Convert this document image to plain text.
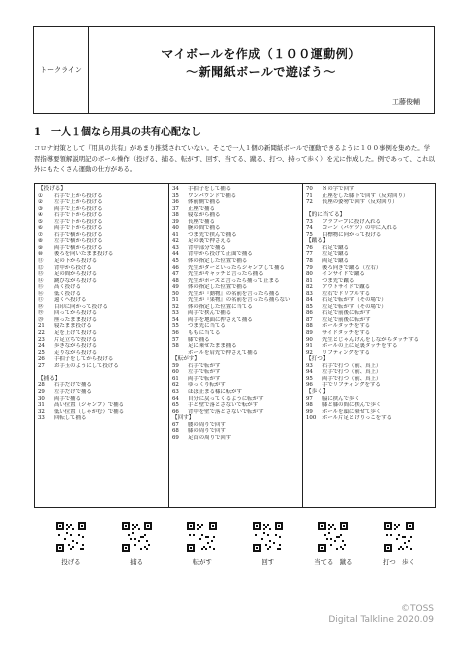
トークライン
マイボールを作成（１００運動例）
～新聞紙ボールで遊ぼう～
工藤俊輔
1　一人１個なら用具の共有心配なし
コロナ対策として『用具の共有』があまり推奨されていない。そこで一人１個の新聞紙ボールで運動できるように１００事例を集めた。学習指導要領解説明記のボール操作（投げる、捕る、転がす、回す、当てる、蹴る、打つ、持って歩く）を元に作成した。例であって、これ以外にもたくさん運動の仕方がある。
【投げる】
① 右手で上から投げる
② 左手で上から投げる
③ 両手で上から投げる
④ 右手で下から投げる
⑤ 左手で下から投げる
⑥ 両手で下から投げる
⑦ 右手で横から投げる
⑧ 左手で横から投げる
⑨ 両手で横から投げる
⑩ 後ろを向いたまま投げる
⑪ 足の下から投げる
⑫ 背中から投げる
⑬ 足の間から投げる
⑭ 跳びながら投げる
⑮ 高く投げる
⑯ 低く投げる
⑰ 遠くへ投げる
⑱ 目印に向かって投げる
⑲ 回ってから投げる
⑳ 座ったまま投げる
21 寝たまま投げる
22 足を上げて投げる
23 片足立ちで投げる
24 歩きながら投げる
25 走りながら投げる
26 手拍子をしてから投げる
27 お手玉のようにして投げる
【捕る】
28 右手だけで捕る
29 左手だけで捕る
30 両手で捕る
31 高い位置（ジャンプ）で捕る
32 低い位置（しゃがむ）で捕る
33 回転して捕る
34 手拍子をして捕る
35 ワンバウンドで捕る
36 体前側で捕る
37 正座で捕る
38 寝ながら捕る
39 長座で捕る
40 腕の間で捕る
41 つま先で挟んで捕る
42 足の裏で押さえる
43 背中部分で捕る
44 背中から投げて正面で捕る
45 体の指定した位置で捕る
46 先生がダーといったらジャンプして捕る
47 先生がキャッチと言ったら捕る
48 先生がポーズと言ったら捕って止まる
49 体の指定した位置で捕る
50 先生が『動物』の名前を言ったら捕る
51 先生が『果物』の名前を言ったら捕らない
52 体の指定した位置に当てる
53 両手で挟んで捕る
54 両手を地面に押さえて捕る
55 つま先に当てる
56 ももに当てる
57 膝で捕る
58 足に乗せたまま捕る
ボールを肩先で押さえて捕る
【転がす】
59 右手で転がす
60 左手で転がす
61 両手で転がす
62 ゆっくり転がす
63 ほぼ止まる様に転がす
64 自分に戻ってくるように転がす
65 手と壁で落とさないで転がす
66 背中を壁で落とさないで転がす
【回す】
67 腰の周りで回す
68 膝の周りで回す
69 足首の周りで回す
70 ８の字で回す
71 正座をした膝下で回す（反対回り）
72 長座の姿勢で回す（反対回り）
【的に当てる】
73 フラフープに投げ入れる
74 コーン（バケツ）の中に入れる
75 目標物に向かって投げる
【蹴る】
76 右足で蹴る
77 左足で蹴る
78 両足で蹴る
79 後ろ向きで蹴る（左右）
80 インサイドで蹴る
81 つま先で蹴る
82 アウトサイドで蹴る
83 左右でドリブルする
84 右足で転がす（その場で）
85 左足で転がす（その場で）
86 右足で前後に転がす
87 左足で前後に転がす
88 ボールタッチをする
89 サイドタッチをする
90 先生とじゃんけんをしながらタッチする
91 ボールの上に足裏タッチをする
92 リフティングをする
【打つ】
93 右手で打つ（前、真上）
94 左手で打つ（前、真上）
95 両手で打つ（前、真上）
96 手でリフティングをする
【歩く】
97 脇に挟んで歩く
98 膝と膝の間に挟んで歩く
99 ボールを頭に乗せて歩く
100 ボール片足とけりっこをする
投げる	捕る	転がす	回す	当てる　蹴る	打つ　歩く
©TOSS
Digital Talkline 2020.09
